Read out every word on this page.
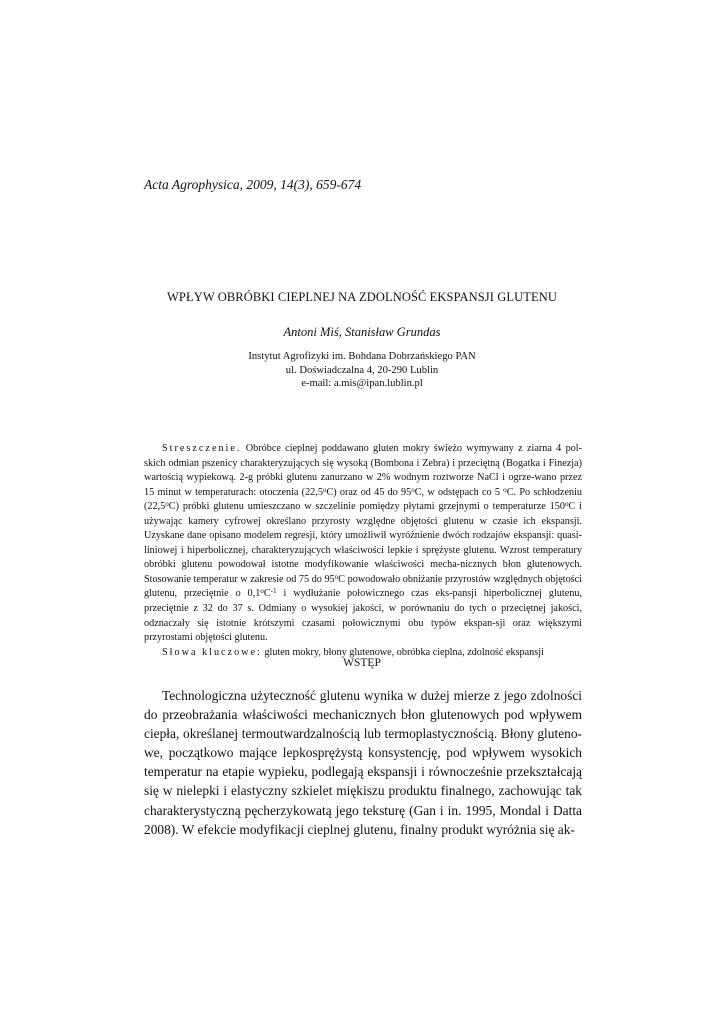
Acta Agrophysica, 2009, 14(3), 659-674
WPŁYW OBRÓBKI CIEPLNEJ NA ZDOLNOŚĆ EKSPANSJI GLUTENU
Antoni Miś, Stanisław Grundas
Instytut Agrofizyki im. Bohdana Dobrzańskiego PAN
ul. Doświadczalna 4, 20-290 Lublin
e-mail: a.mis@ipan.lublin.pl

Streszczenie. Obróbce cieplnej poddawano gluten mokry świeżo wymywany z ziarna 4 pol-skich odmian pszenicy charakteryzujących się wysoką (Bombona i Zebra) i przeciętną (Bogatka i Finezja) wartością wypiekową. 2-g próbki glutenu zanurzano w 2% wodnym roztworze NaCl i ogrze-wano przez 15 minut w temperaturach: otoczenia (22,5$^o$C) oraz od 45 do 95$^o$C, w odstępach co 5 $^o$C. Po schłodzeniu (22,5$^o$C) próbki glutenu umieszczano w szczelinie pomiędzy płytami grzejnymi o temperaturze 150$^o$C i używając kamery cyfrowej określano przyrosty względne objętości glutenu w czasie ich ekspansji. Uzyskane dane opisano modelem regresji, który umożliwił wyróżnienie dwóch rodzajów ekspansji: quasi-liniowej i hiperbolicznej, charakteryzujących właściwości lepkie i sprężyste glutenu. Wzrost temperatury obróbki glutenu powodował istotne modyfikowanie właściwości mecha-nicznych błon glutenowych. Stosowanie temperatur w zakresie od 75 do 95$^o$C powodowało obniżanie przyrostów względnych objętości glutenu, przeciętnie o $0,1^oC^{-1}$ i wydłużanie połowicznego czas eks-pansji hiperbolicznej glutenu, przeciętnie z 32 do 37 s. Odmiany o wysokiej jakości, w porównaniu do tych o przeciętnej jakości, odznaczały się istotnie krótszymi czasami połowicznymi obu typów ekspan-sji oraz większymi przyrostami objętości glutenu.

Słowa kluczowe: gluten mokry, błony glutenowe, obróbka cieplna, zdolność ekspansji

WSTĘP

Technologiczna użyteczność glutenu wynika w dużej mierze z jego zdolności do przeobrażania właściwości mechanicznych błon glutenowych pod wpływem ciepła, określanej termoutwardzalnością lub termoplastycznością. Błony gluteno-we, początkowo mające lepkosprężystą konsystencję, pod wpływem wysokich temperatur na etapie wypieku, podlegają ekspansji i równocześnie przekształcają się w nielepki i elastyczny szkielet miękiszu produktu finalnego, zachowując tak charakterystyczną pęcherzykowatą jego teksturę (Gan i in. 1995, Mondal i Datta 2008). W efekcie modyfikacji cieplnej glutenu, finalny produkt wyróżnia się ak-
